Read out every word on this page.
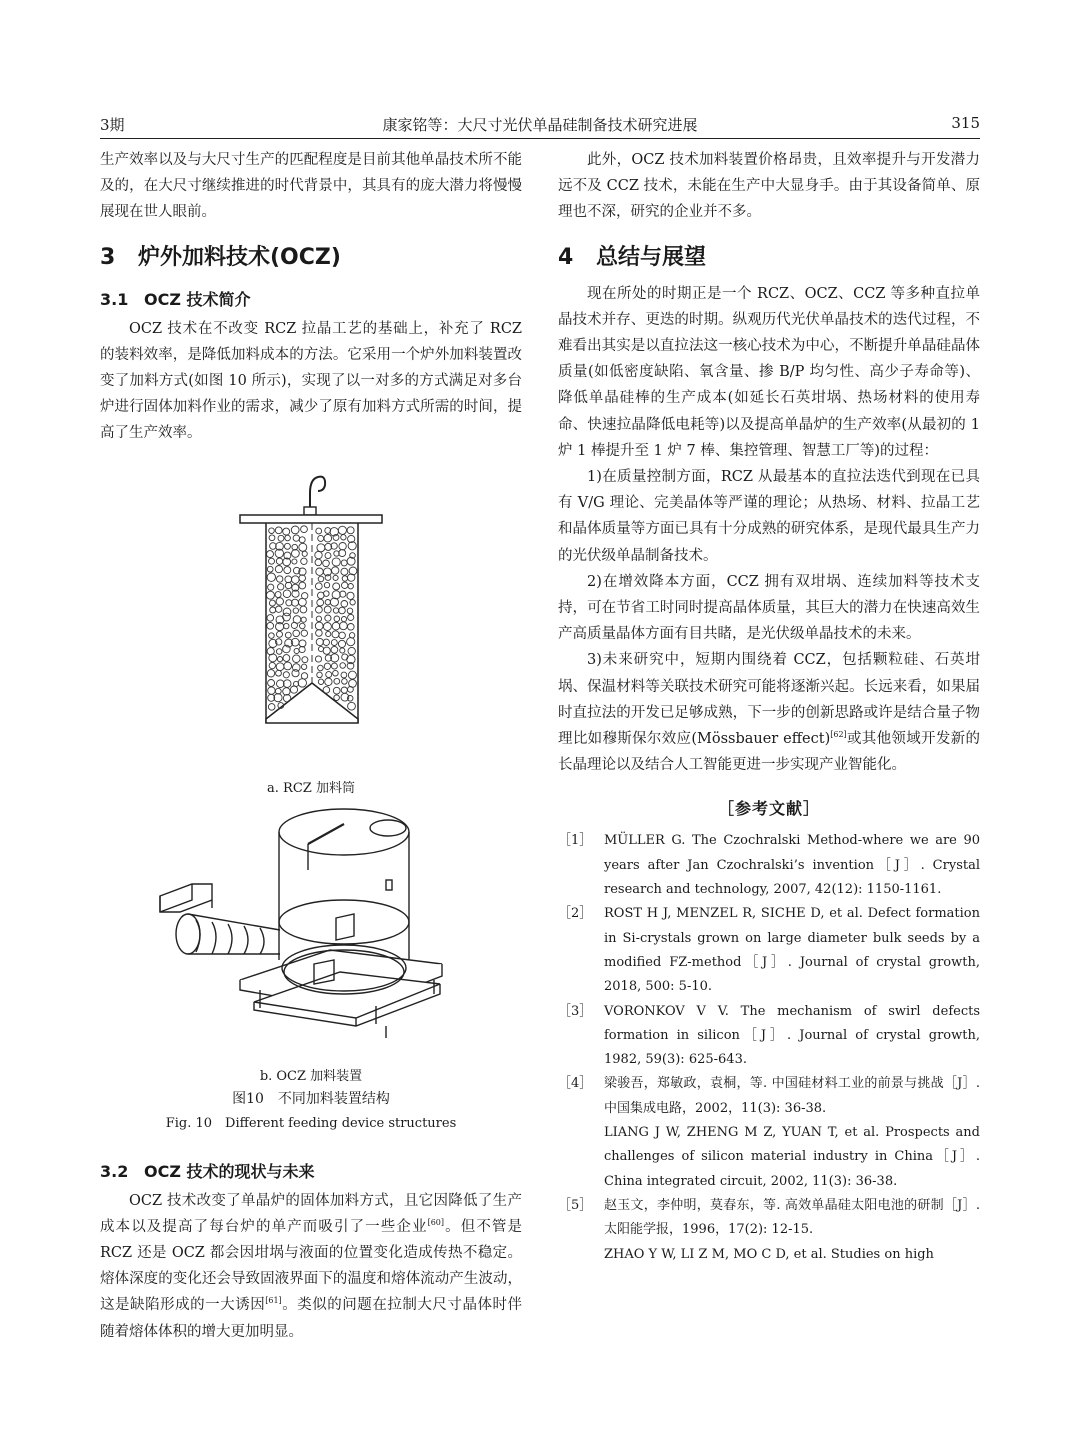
3期	康家铭等：大尺寸光伏单晶硅制备技术研究进展	315

生产效率以及与大尺寸生产的匹配程度是目前其他单晶技术所不能及的，在大尺寸继续推进的时代背景中，其具有的庞大潜力将慢慢展现在世人眼前。

3 炉外加料技术(OCZ)
3.1 OCZ 技术简介

OCZ 技术在不改变 RCZ 拉晶工艺的基础上，补充了 RCZ 的装料效率，是降低加料成本的方法。它采用一个炉外加料装置改变了加料方式(如图 10 所示)，实现了以一对多的方式满足对多台炉进行固体加料作业的需求，减少了原有加料方式所需的时间，提高了生产效率。

a. RCZ 加料筒
b. OCZ 加料装置
图10　不同加料装置结构
Fig. 10　Different feeding device structures
3.2 OCZ 技术的现状与未来

OCZ 技术改变了单晶炉的固体加料方式，且它因降低了生产成本以及提高了每台炉的单产而吸引了一些企业[60]。但不管是 RCZ 还是 OCZ 都会因坩埚与液面的位置变化造成传热不稳定。熔体深度的变化还会导致固液界面下的温度和熔体流动产生波动，这是缺陷形成的一大诱因[61]。类似的问题在拉制大尺寸晶体时伴随着熔体体积的增大更加明显。

此外，OCZ 技术加料装置价格昂贵，且效率提升与开发潜力远不及 CCZ 技术，未能在生产中大显身手。由于其设备简单、原理也不深，研究的企业并不多。

4 总结与展望

现在所处的时期正是一个 RCZ、OCZ、CCZ 等多种直拉单晶技术并存、更迭的时期。纵观历代光伏单晶技术的迭代过程，不难看出其实是以直拉法这一核心技术为中心，不断提升单晶硅晶体质量(如低密度缺陷、氧含量、掺 B/P 均匀性、高少子寿命等)、降低单晶硅棒的生产成本(如延长石英坩埚、热场材料的使用寿命、快速拉晶降低电耗等)以及提高单晶炉的生产效率(从最初的 1 炉 1 棒提升至 1 炉 7 棒、集控管理、智慧工厂等)的过程：

1)在质量控制方面，RCZ 从最基本的直拉法迭代到现在已具有 V/G 理论、完美晶体等严谨的理论；从热场、材料、拉晶工艺和晶体质量等方面已具有十分成熟的研究体系，是现代最具生产力的光伏级单晶制备技术。

2)在增效降本方面，CCZ 拥有双坩埚、连续加料等技术支持，可在节省工时同时提高晶体质量，其巨大的潜力在快速高效生产高质量晶体方面有目共睹，是光伏级单晶技术的未来。

3)未来研究中，短期内围绕着 CCZ，包括颗粒硅、石英坩埚、保温材料等关联技术研究可能将逐渐兴起。长远来看，如果届时直拉法的开发已足够成熟，下一步的创新思路或许是结合量子物理比如穆斯保尔效应(Mössbauer effect)[62]或其他领域开发新的长晶理论以及结合人工智能更进一步实现产业智能化。

［参考文献］
［1］ MÜLLER G. The Czochralski Method-where we are 90 years after Jan Czochralski’s invention［J］. Crystal research and technology, 2007, 42(12): 1150-1161.
［2］ ROST H J, MENZEL R, SICHE D, et al. Defect formation in Si-crystals grown on large diameter bulk seeds by a modified FZ-method［J］. Journal of crystal growth, 2018, 500: 5-10.
［3］ VORONKOV V V. The mechanism of swirl defects formation in silicon［J］. Journal of crystal growth, 1982, 59(3): 625-643.
［4］ 梁骏吾，郑敏政，袁桐，等. 中国硅材料工业的前景与挑战［J］. 中国集成电路，2002，11(3): 36-38.
LIANG J W, ZHENG M Z, YUAN T, et al. Prospects and challenges of silicon material industry in China［J］. China integrated circuit, 2002, 11(3): 36-38.
［5］ 赵玉文，李仲明，莫春东，等. 高效单晶硅太阳电池的研制［J］. 太阳能学报，1996，17(2): 12-15.
ZHAO Y W, LI Z M, MO C D, et al. Studies on high
